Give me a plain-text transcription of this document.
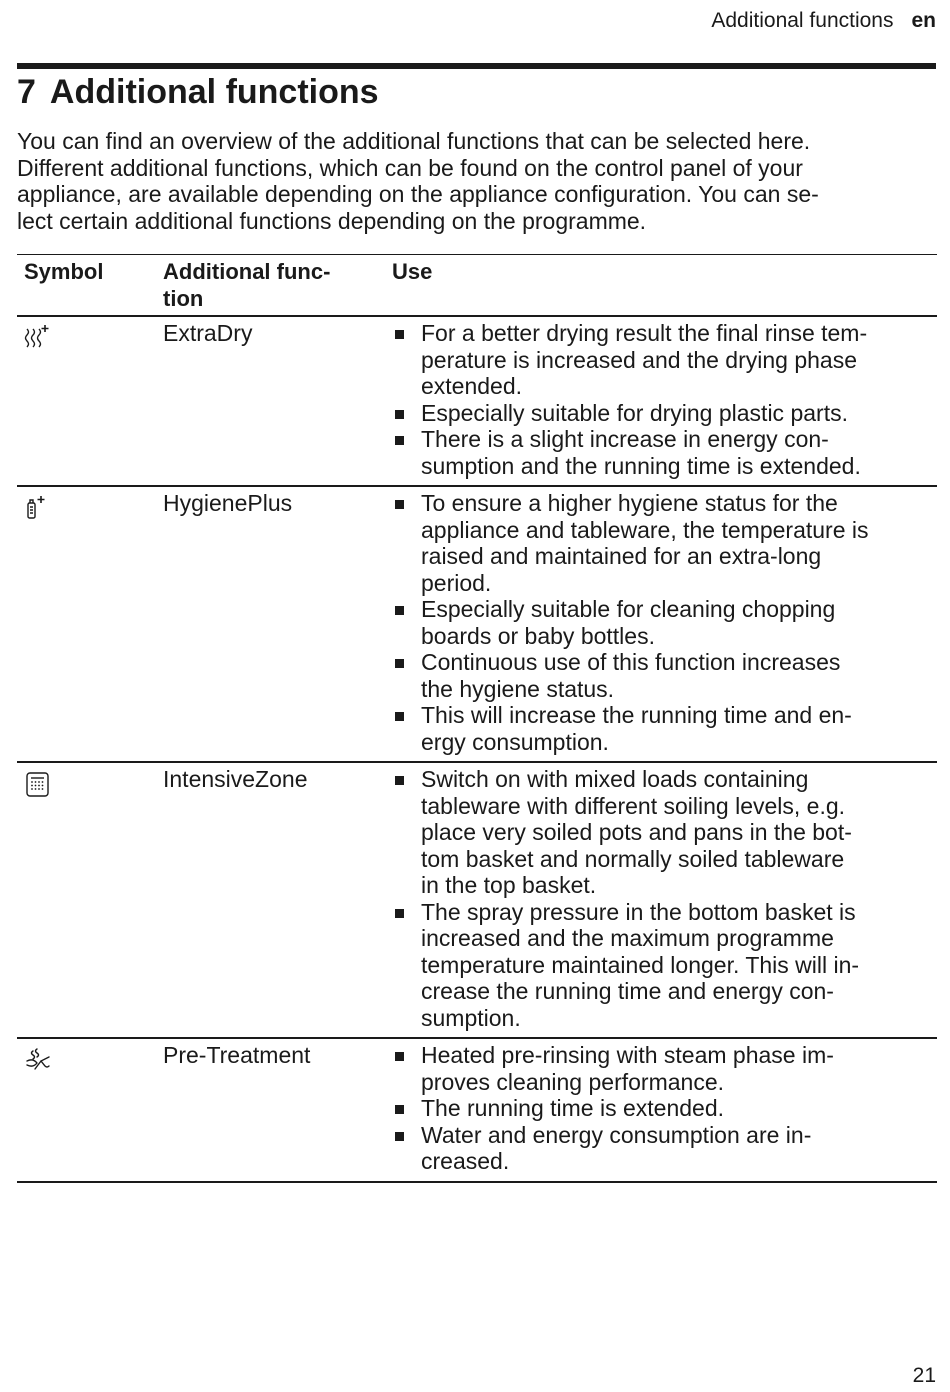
Additional functions en
7 Additional functions

You can find an overview of the additional functions that can be selected here.
Different additional functions, which can be found on the control panel of your
appliance, are available depending on the appliance configuration. You can se-
lect certain additional functions depending on the programme.

Symbol	Additional func-
tion
Use
ExtraDry	For a better drying result the final rinse tem-
perature is increased and the drying phase
extended.
Especially suitable for drying plastic parts.
There is a slight increase in energy con-
sumption and the running time is extended.
HygienePlus	To ensure a higher hygiene status for the
appliance and tableware, the temperature is
raised and maintained for an extra-long
period.
Especially suitable for cleaning chopping
boards or baby bottles.
Continuous use of this function increases
the hygiene status.
This will increase the running time and en-
ergy consumption.
IntensiveZone	Switch on with mixed loads containing
tableware with different soiling levels, e.g.
place very soiled pots and pans in the bot-
tom basket and normally soiled tableware
in the top basket.
The spray pressure in the bottom basket is
increased and the maximum programme
temperature maintained longer. This will in-
crease the running time and energy con-
sumption.
Pre-Treatment	Heated pre-rinsing with steam phase im-
proves cleaning performance.
The running time is extended.
Water and energy consumption are in-
creased.
21
